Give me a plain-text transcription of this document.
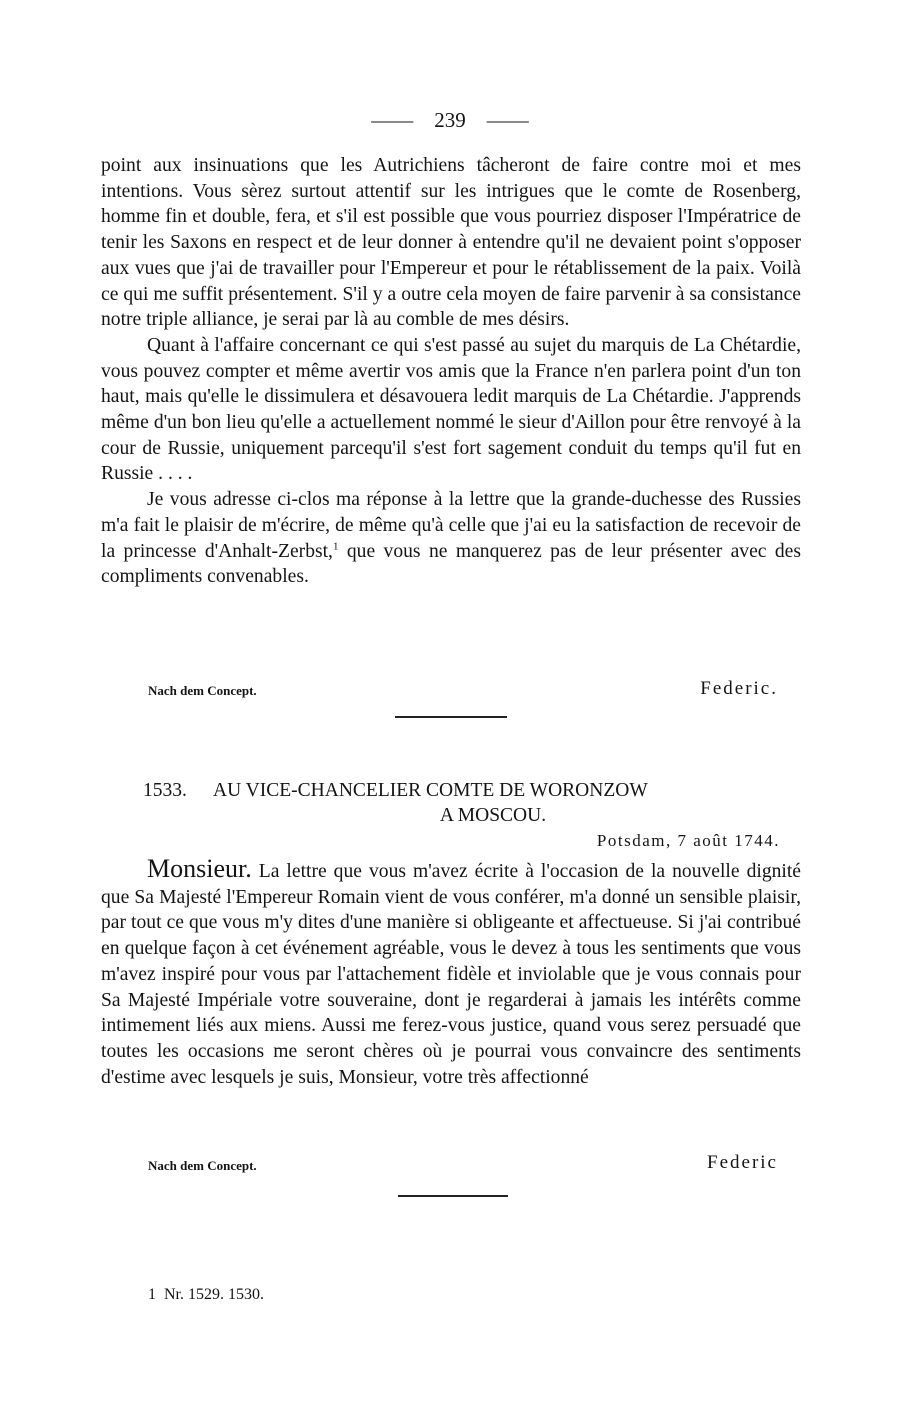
—— 239 ——

point aux insinuations que les Autrichiens tâcheront de faire contre moi et mes intentions. Vous sèrez surtout attentif sur les intrigues que le comte de Rosenberg, homme fin et double, fera, et s'il est possible que vous pourriez disposer l'Impératrice de tenir les Saxons en respect et de leur donner à entendre qu'il ne devaient point s'opposer aux vues que j'ai de travailler pour l'Empereur et pour le rétablissement de la paix. Voilà ce qui me suffit présentement. S'il y a outre cela moyen de faire parvenir à sa consistance notre triple alliance, je serai par là au comble de mes désirs.

Quant à l'affaire concernant ce qui s'est passé au sujet du marquis de La Chétardie, vous pouvez compter et même avertir vos amis que la France n'en parlera point d'un ton haut, mais qu'elle le dissimulera et désavouera ledit marquis de La Chétardie. J'apprends même d'un bon lieu qu'elle a actuellement nommé le sieur d'Aillon pour être renvoyé à la cour de Russie, uniquement parcequ'il s'est fort sagement conduit du temps qu'il fut en Russie . . . .

Je vous adresse ci-clos ma réponse à la lettre que la grande-duchesse des Russies m'a fait le plaisir de m'écrire, de même qu'à celle que j'ai eu la satisfaction de recevoir de la princesse d'Anhalt-Zerbst,$^1$ que vous ne manquerez pas de leur présenter avec des compliments convenables.

Nach dem Concept.	Federic.
1533. AU VICE-CHANCELIER COMTE DE WORONZOW
A MOSCOU.
Potsdam, 7 août 1744.

Monsieur. La lettre que vous m'avez écrite à l'occasion de la nouvelle dignité que Sa Majesté l'Empereur Romain vient de vous conférer, m'a donné un sensible plaisir, par tout ce que vous m'y dites d'une manière si obligeante et affectueuse. Si j'ai contribué en quelque façon à cet événement agréable, vous le devez à tous les sentiments que vous m'avez inspiré pour vous par l'attachement fidèle et inviolable que je vous connais pour Sa Majesté Impériale votre souveraine, dont je regarderai à jamais les intérêts comme intimement liés aux miens. Aussi me ferez-vous justice, quand vous serez persuadé que toutes les occasions me seront chères où je pourrai vous convaincre des sentiments d'estime avec lesquels je suis, Monsieur, votre très affectionné

Nach dem Concept.	Federic
1 Nr. 1529. 1530.
